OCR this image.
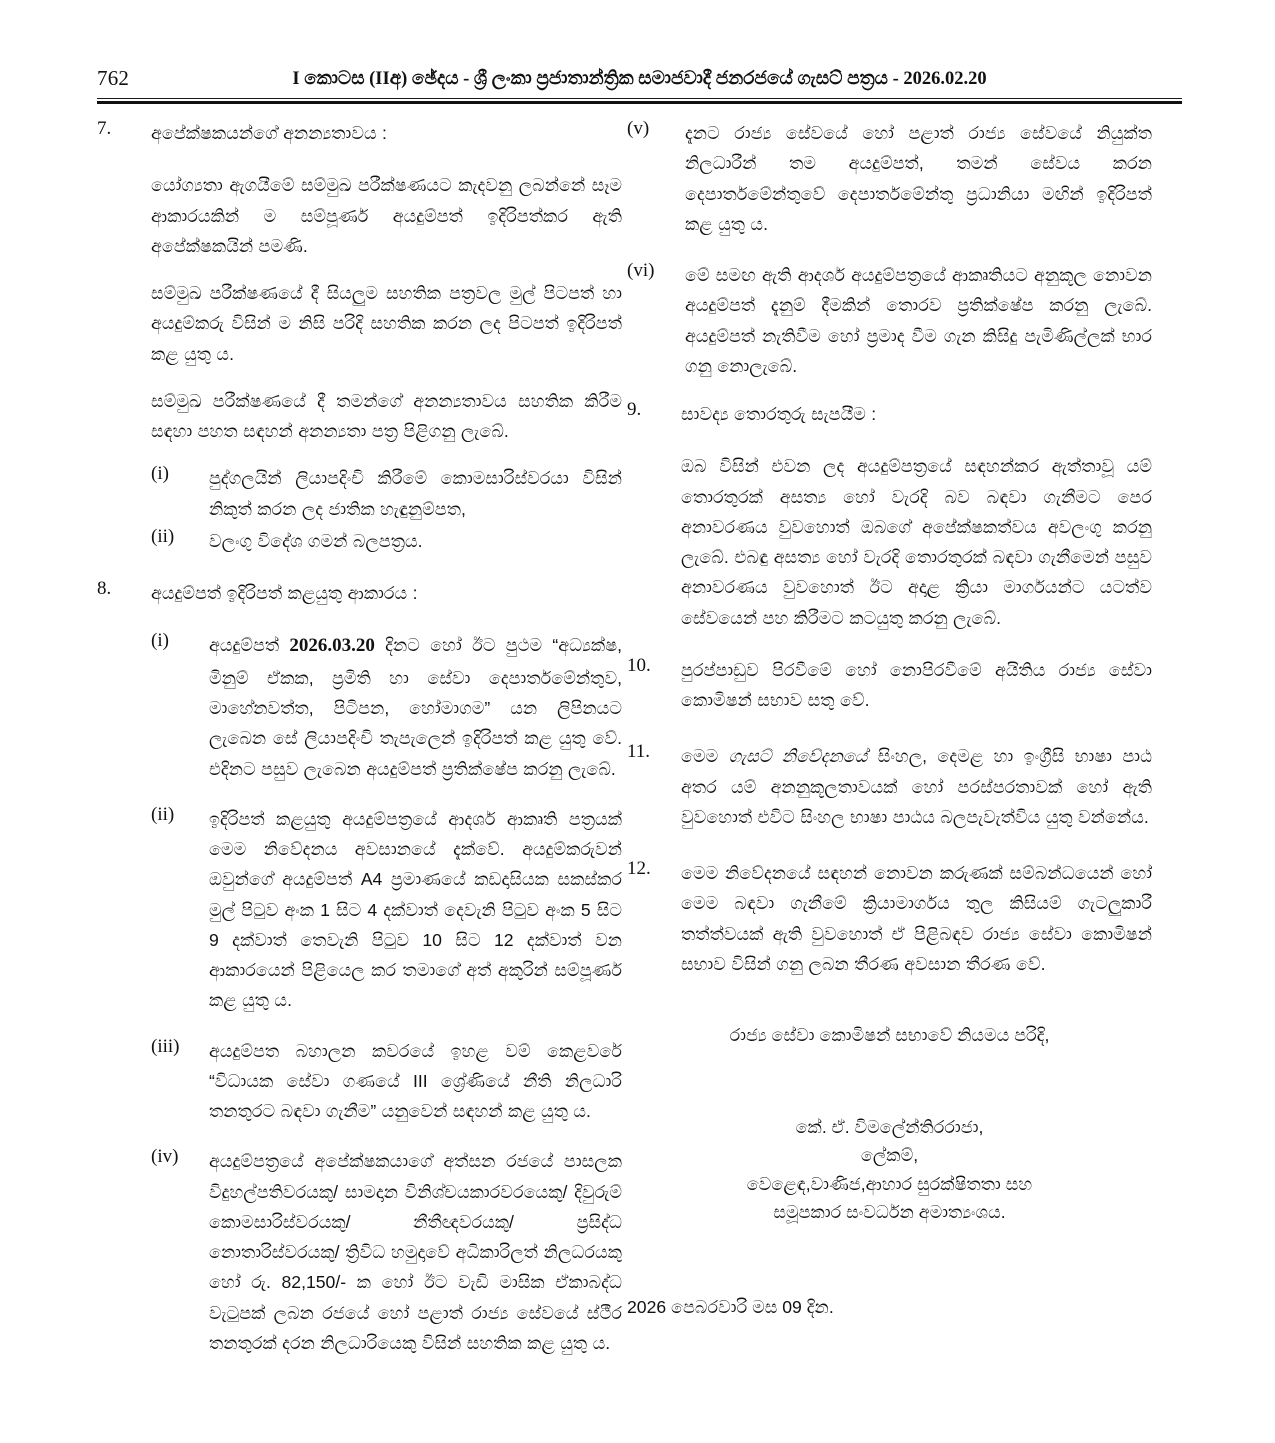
762	I කොටස (IIඅ) ඡේදය - ශ්‍රී ලංකා ප්‍රජාතාන්ත්‍රික සමාජවාදී ජනරජයේ ගැසට් පත්‍රය - 2026.02.20
7.	අපේක්ෂකයන්ගේ අනන්‍යතාවය :

යෝග්‍යතා ඇගයීමේ සම්මුඛ පරීක්ෂණයට කැදවනු ලබන්නේ සෑම ආකාරයකින් ම සම්පූර්ණ අයදුම්පත් ඉදිරිපත්කර ඇති අපේක්ෂකයින් පමණි.

සම්මුඛ පරීක්ෂණයේ දී සියලුම සහතික පත්‍රවල මුල් පිටපත් හා අයදුම්කරු විසින් ම නිසි පරිදි සහතික කරන ලද පිටපත් ඉදිරිපත් කළ යුතු ය.

සම්මුඛ පරීක්ෂණයේ දී තමන්ගේ අනන්‍යතාවය සහතික කිරීම සඳහා පහත සඳහන් අනන්‍යතා පත්‍ර පිළිගනු ලැබේ.

(i)	පුද්ගලයින් ලියාපදිංචි කිරීමේ කොමසාරිස්වරයා විසින් නිකුත් කරන ලද ජාතික හැඳුනුම්පත,

(ii)	වලංගු විදේශ ගමන් බලපත්‍රය.

8.	අයදුම්පත් ඉදිරිපත් කළයුතු ආකාරය :

(i)	අයදුම්පත් 2026.03.20 දිනට හෝ ඊට පුථම “අධ්‍යක්ෂ, මිනුම් ඒකක, ප්‍රමිති හා සේවා දෙපාර්තමේන්තුව, මාහේනවත්ත, පිටිපන, හෝමාගම” යන ලිපිනයට ලැබෙන සේ ලියාපදිංචි තැපැලෙන් ඉදිරිපත් කළ යුතු වේ. එදිනට පසුව ලැබෙන අයදුම්පත් ප්‍රතික්ෂේප කරනු ලැබේ.

(ii)	ඉදිරිපත් කළයුතු අයදුම්පත්‍රයේ ආදර්ශ ආකෘති පත්‍රයක් මෙම නිවේදනය අවසානයේ දැක්වේ. අයදුම්කරුවන් ඔවුන්ගේ අයදුම්පත් A4 ප්‍රමාණයේ කඩදාසියක සකස්කර මුල් පිටුව අංක 1 සිට 4 දක්වාත් දෙවැනි පිටුව අංක 5 සිට 9 දක්වාත් තෙවැනි පිටුව 10 සිට 12 දක්වාත් වන ආකාරයෙන් පිළියෙල කර තමාගේ අත් අකුරින් සම්පූර්ණ කළ යුතු ය.

(iii)	අයදුම්පත බහාලන කවරයේ ඉහළ වම් කෙළවරේ “විධායක සේවා ගණයේ III ශ්‍රේණියේ නීති නිලධාරි තනතුරට බඳවා ගැනීම” යනුවෙන් සඳහන් කළ යුතු ය.

(iv)	අයදුම්පත්‍රයේ අපේක්ෂකයාගේ අත්සන රජයේ පාසලක විදුහල්පතිවරයකු/ සාමදාන විනිශ්චයකාරවරයෙකු/ දිවුරුම් කොමසාරිස්වරයකු/ නීතීඥවරයකු/ ප්‍රසිද්ධ නොතාරිස්වරයකු/ ත්‍රිවිධ හමුදාවේ අධිකාරිලත් නිලධරයකු හෝ රු. 82,150/- ක හෝ ඊට වැඩි මාසික ඒකාබද්ධ වැටුපක් ලබන රජයේ හෝ පළාත් රාජ්‍ය සේවයේ ස්ථීර තනතුරක් දරන නිලධාරියෙකු විසින් සහතික කළ යුතු ය.

(v)	දැනට රාජ්‍ය සේවයේ හෝ පළාත් රාජ්‍ය සේවයේ නියුක්ත නිලධාරීන් තම අයදුම්පත්, තමන් සේවය කරන දෙපාර්තමේන්තුවේ දෙපාර්තමේන්තු ප්‍රධානියා මඟින් ඉදිරිපත් කළ යුතු ය.

(vi)	මේ සමඟ ඇති ආදර්ශ අයදුම්පත්‍රයේ ආකෘතියට අනුකූල නොවන අයදුම්පත් දැනුම් දීමකින් තොරව ප්‍රතික්ෂේප කරනු ලැබේ. අයදුම්පත් නැතිවීම හෝ ප්‍රමාද වීම ගැන කිසිදු පැමිණිල්ලක් භාර ගනු නොලැබේ.

9.	සාවද්‍ය තොරතුරු සැපයීම :

ඔබ විසින් එවන ලද අයදුම්පත්‍රයේ සඳහන්කර ඇත්තාවූ යම් තොරතුරක් අසත්‍ය හෝ වැරදි බව බඳවා ගැනීමට පෙර අනාවරණය වුවහොත් ඔබගේ අපේක්ෂකත්වය අවලංගු කරනු ලැබේ. එබඳු අසත්‍ය හෝ වැරදි තොරතුරක් බඳවා ගැනීමෙන් පසුව අනාවරණය වුවහොත් ඊට අදාළ ක්‍රියා මාර්ගයන්ට යටත්ව සේවයෙන් පහ කිරීමට කටයුතු කරනු ලැබේ.

10.	පුරප්පාඩුව පිරවීමේ හෝ නොපිරවීමේ අයිතිය රාජ්‍ය සේවා කොමිෂන් සභාව සතු වේ.

11.	මෙම ගැසට් නිවේදනයේ සිංහල, දෙමළ හා ඉංග්‍රීසි භාෂා පාඨ අතර යම් අනනුකූලතාවයක් හෝ පරස්පරතාවක් හෝ ඇති වුවහොත් එවිට සිංහල භාෂා පාඨය බලපැවැත්විය යුතු වන්නේය.

12.	මෙම නිවේදනයේ සඳහන් නොවන කරුණක් සම්බන්ධයෙන් හෝ මෙම බඳවා ගැනීමේ ක්‍රියාමාර්ගය තුල කිසියම් ගැටලුකාරී තත්ත්වයක් ඇති වුවහොත් ඒ පිළිබඳව රාජ්‍ය සේවා කොමිෂන් සභාව විසින් ගනු ලබන තීරණ අවසාන තීරණ වේ.

රාජ්‍ය සේවා කොමිෂන් සභාවේ නියමය පරිදි,
කේ. ඒ. විමලේන්තිරරාජා,
ලේකම්,
වෙළෙඳ,වාණිජ,ආහාර සුරක්ෂිතතා සහ
සමූපකාර සංවර්ධන අමාත්‍යංශය.
2026 පෙබරවාරි මස 09 දින.
